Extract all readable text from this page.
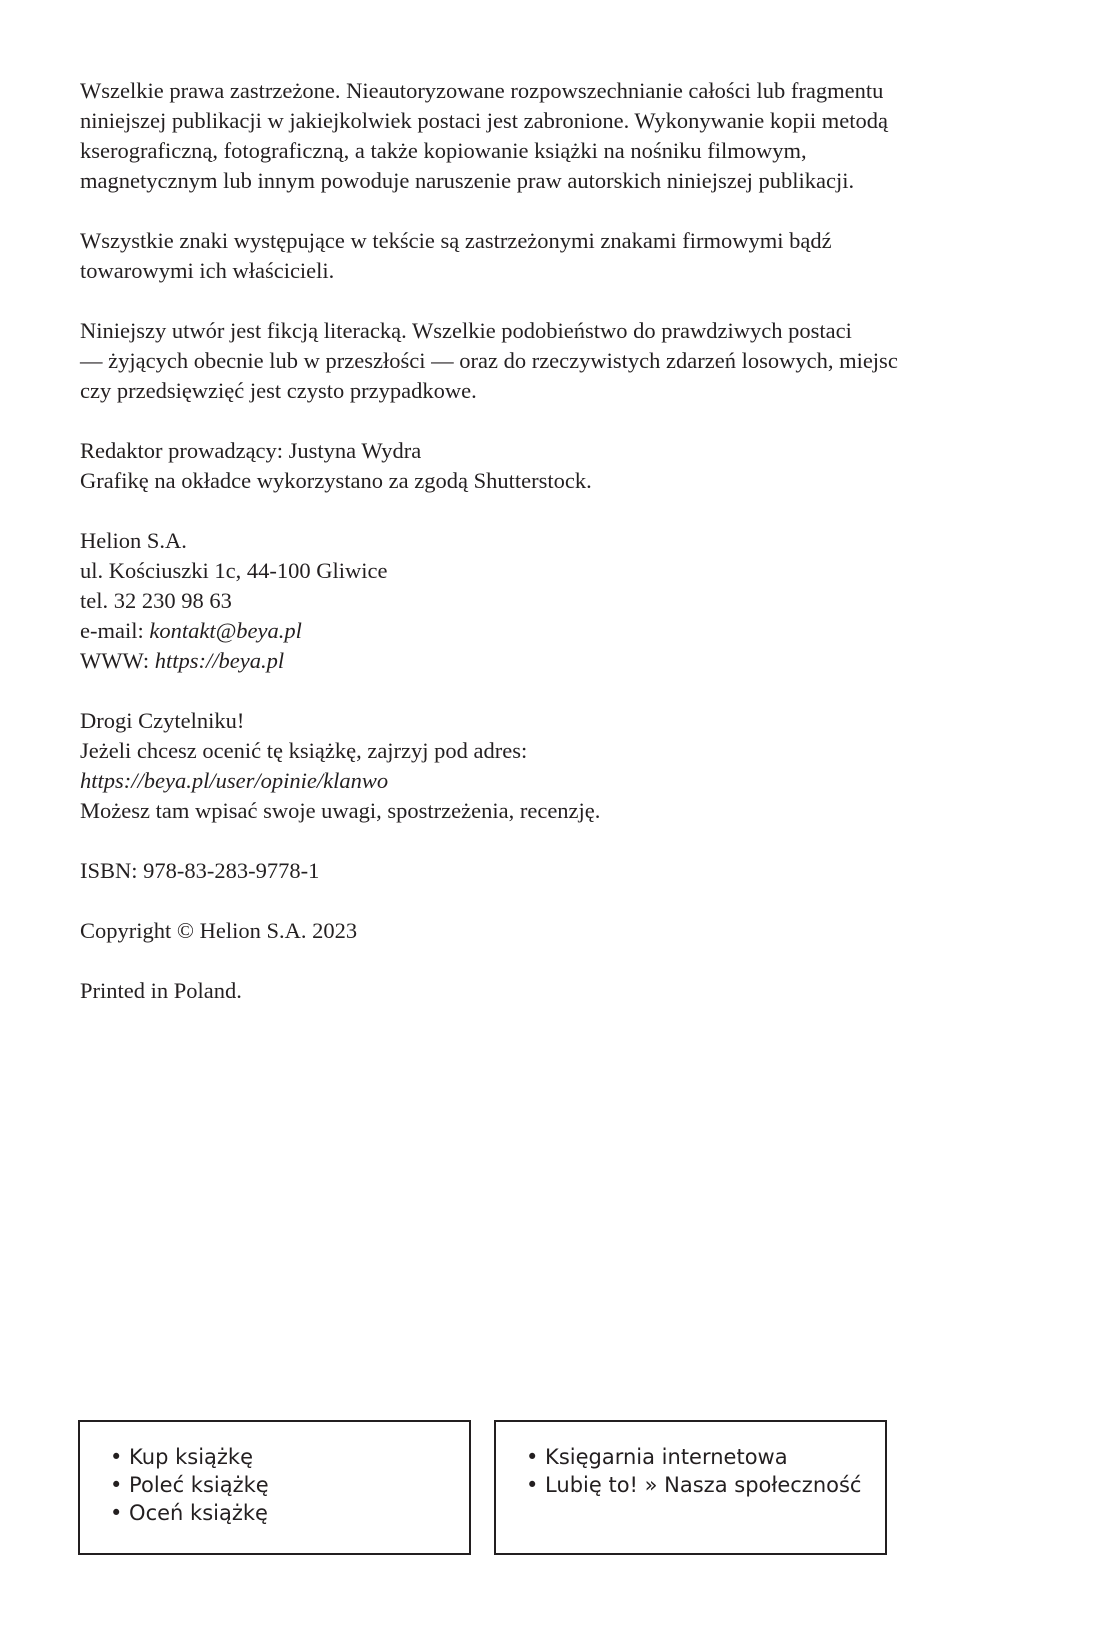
Wszelkie prawa zastrzeżone. Nieautoryzowane rozpowszechnianie całości lub fragmentu
niniejszej publikacji w jakiejkolwiek postaci jest zabronione. Wykonywanie kopii metodą
kserograficzną, fotograficzną, a także kopiowanie książki na nośniku filmowym,
magnetycznym lub innym powoduje naruszenie praw autorskich niniejszej publikacji.

Wszystkie znaki występujące w tekście są zastrzeżonymi znakami firmowymi bądź
towarowymi ich właścicieli.

Niniejszy utwór jest fikcją literacką. Wszelkie podobieństwo do prawdziwych postaci
— żyjących obecnie lub w przeszłości — oraz do rzeczywistych zdarzeń losowych, miejsc
czy przedsięwzięć jest czysto przypadkowe.

Redaktor prowadzący: Justyna Wydra
Grafikę na okładce wykorzystano za zgodą Shutterstock.

Helion S.A.
ul. Kościuszki 1c, 44-100 Gliwice
tel. 32 230 98 63
e-mail: kontakt@beya.pl
WWW: https://beya.pl

Drogi Czytelniku!
Jeżeli chcesz ocenić tę książkę, zajrzyj pod adres:
https://beya.pl/user/opinie/klanwo
Możesz tam wpisać swoje uwagi, spostrzeżenia, recenzję.

ISBN: 978-83-283-9778-1

Copyright © Helion S.A. 2023

Printed in Poland.

• Kup książkę
• Poleć książkę
• Oceń książkę
• Księgarnia internetowa
• Lubię to! » Nasza społeczność
